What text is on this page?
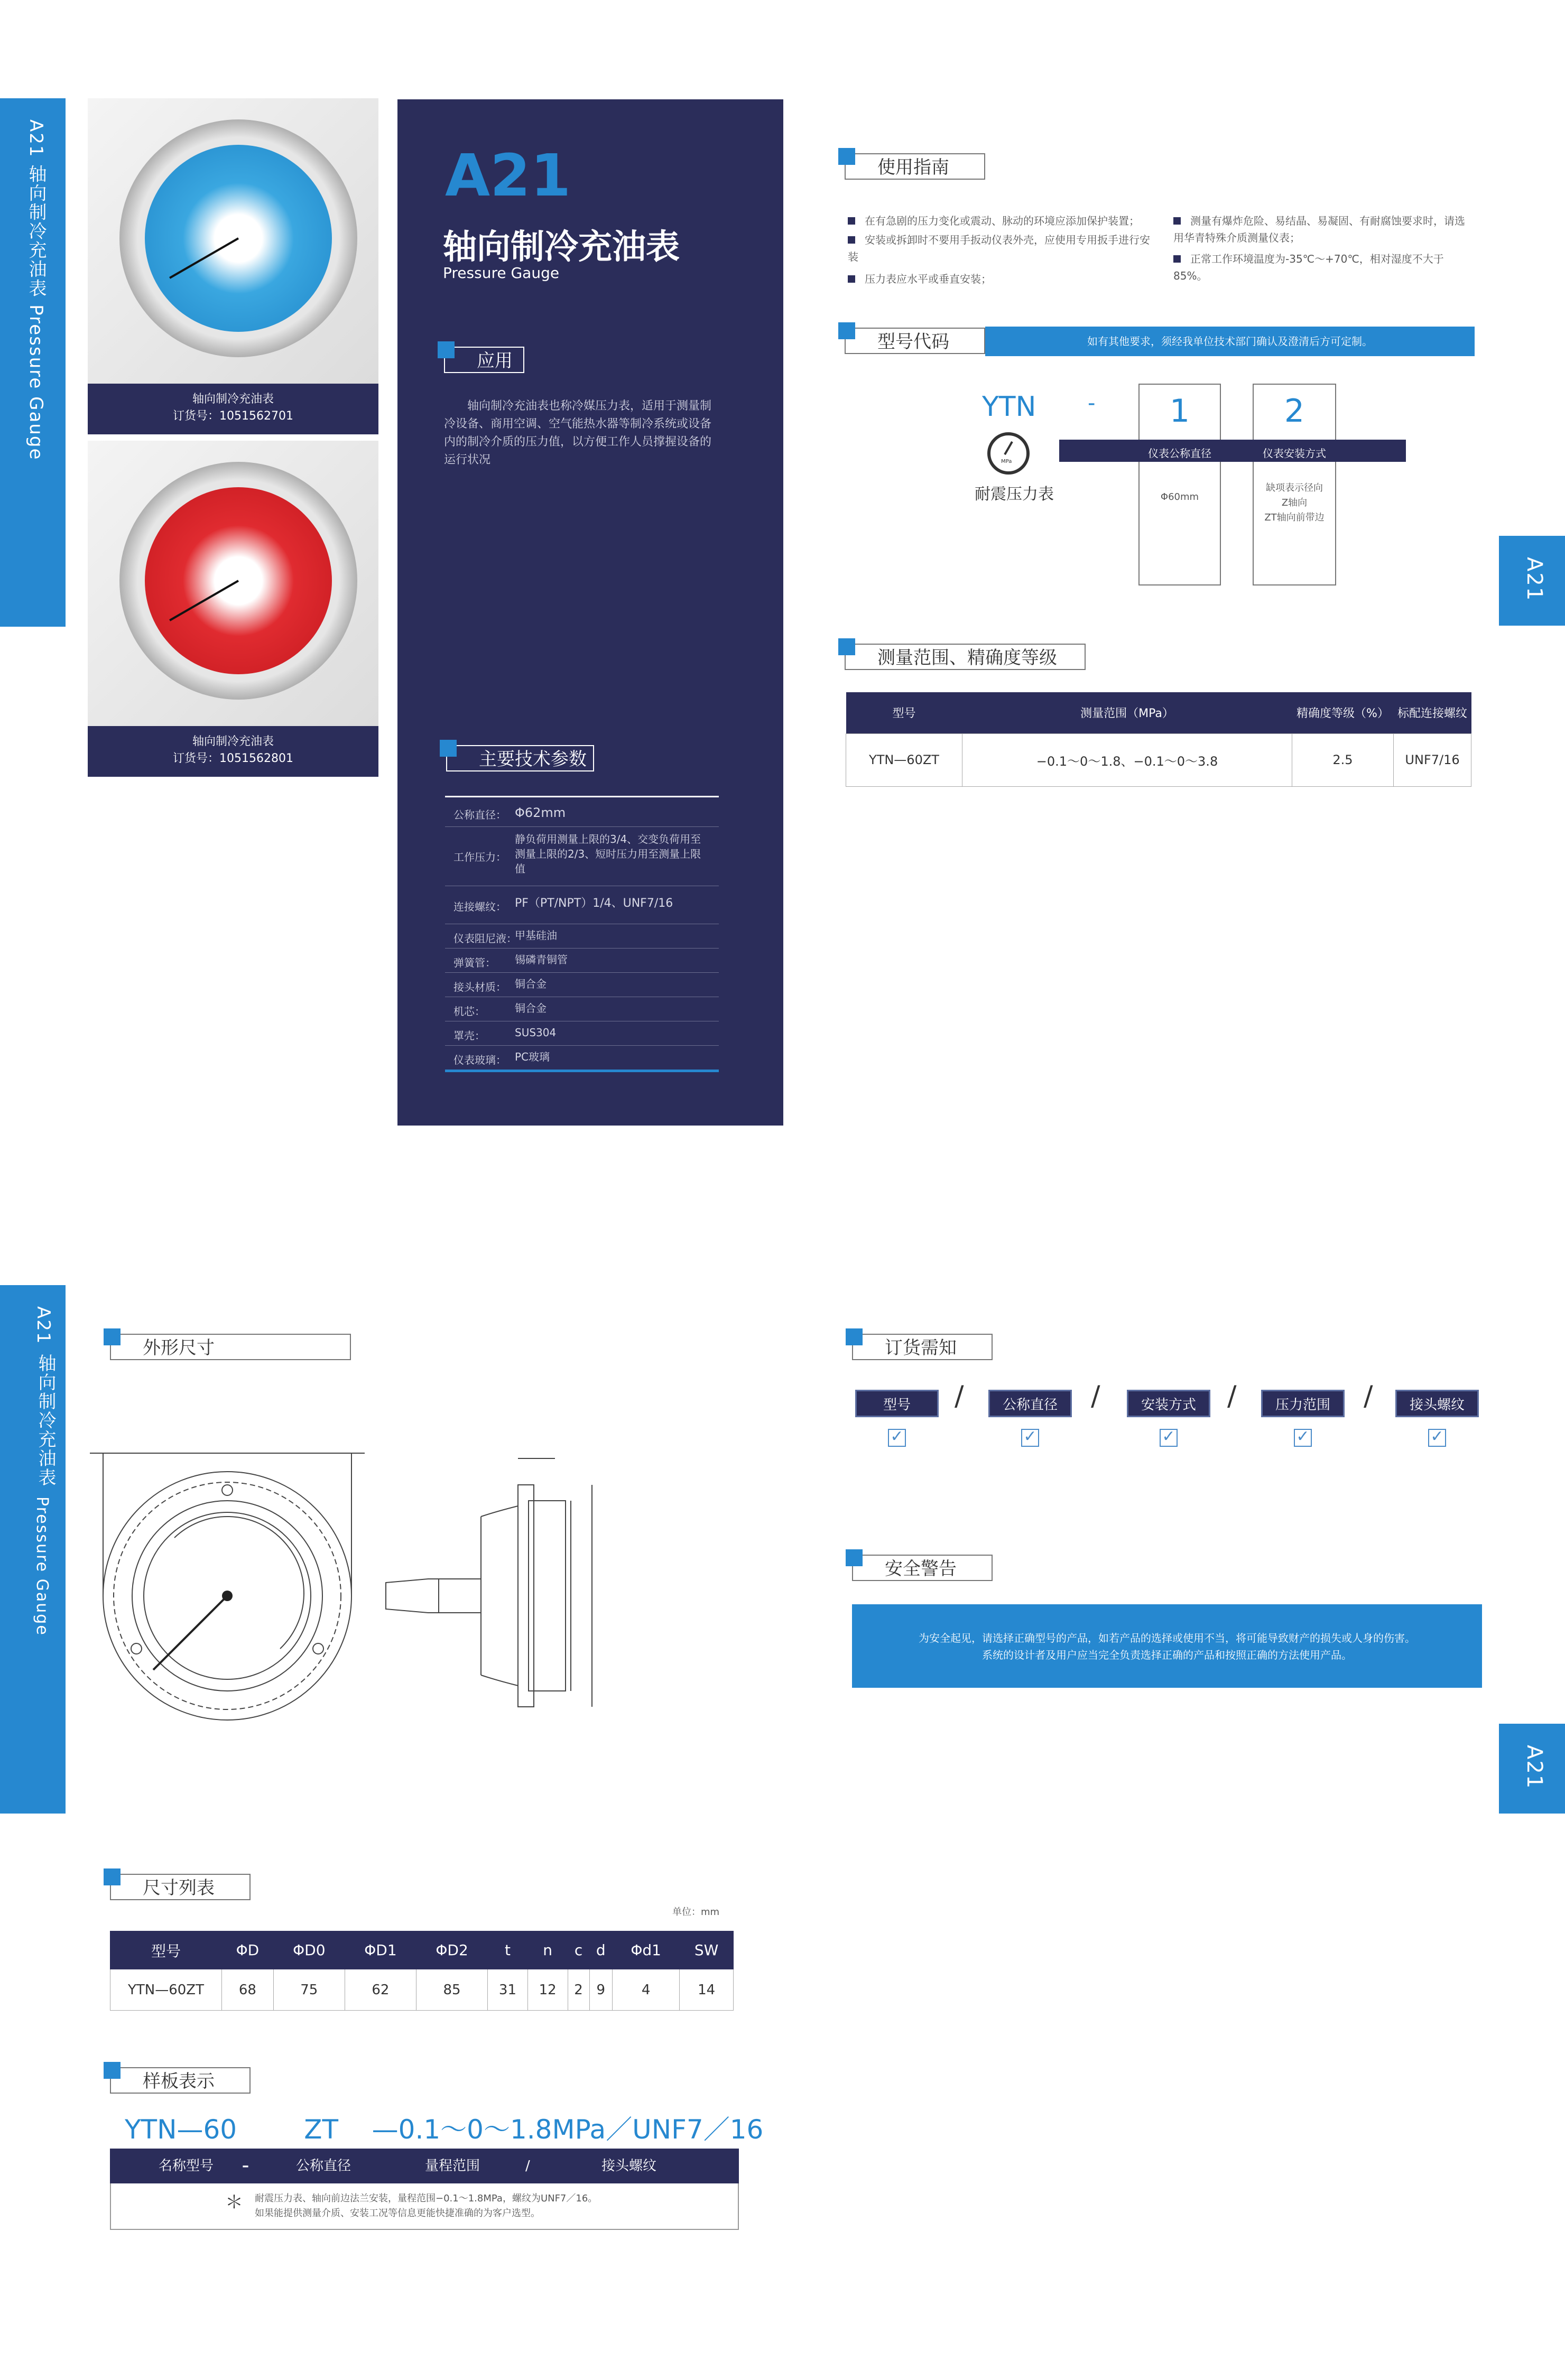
A21 轴向制冷充油表 Pressure Gauge
A21
轴向制冷充油表
Pressure Gauge
A21
A21
轴向制冷充油表
订货号：1051562701
轴向制冷充油表
订货号：1051562801
A21
轴向制冷充油表
Pressure Gauge
应用
轴向制冷充油表也称冷媒压力表，适用于测量制冷设备、商用空调、空气能热水器等制冷系统或设备内的制冷介质的压力值，以方便工作人员撑握设备的运行状况
主要技术参数
公称直径： Φ62mm
工作压力：
静负荷用测量上限的3/4、交变负荷用至测量上限的2/3、短时压力用至测量上限值
连接螺纹： PF（PT/NPT）1/4、UNF7/16
仪表阻尼液：
甲基硅油
弹簧管： 锡磷青铜管
接头材质： 铜合金
机芯：	铜合金
罩壳：	SUS304
仪表玻璃： PC玻璃
使用指南
在有急剧的压力变化或震动、脉动的环境应添加保护装置；
安装或拆卸时不要用手扳动仪表外壳，应使用专用扳手进行安装
压力表应水平或垂直安装；
测量有爆炸危险、易结晶、易凝固、有耐腐蚀要求时，请选用华青特殊介质测量仪表；
正常工作环境温度为-35℃～+70℃，相对湿度不大于85%。
型号代码	如有其他要求，须经我单位技术部门确认及澄清后方可定制。
YTN -	1	2
仪表公称直径	仪表安装方式
Φ60mm
缺项表示径向
Z轴向
ZT轴向前带边
MPa
耐震压力表
测量范围、精确度等级
型号	测量范围（MPa）	精确度等级（%）	标配连接螺纹
YTN—60ZT	−0.1～0～1.8、−0.1～0～3.8	2.5	UNF7/16
外形尺寸	订货需知
型号	/	公称直径	/	安装方式	/	压力范围	/	接头螺纹
✓	✓	✓	✓	✓
安全警告
为安全起见，请选择正确型号的产品，如若产品的选择或使用不当，将可能导致财产的损失或人身的伤害。
系统的设计者及用户应当完全负责选择正确的产品和按照正确的方法使用产品。
尺寸列表
单位：mm
型号	ΦD	ΦD0	ΦD1	ΦD2	t	n	c	d	Φd1	SW
YTN—60ZT	68	75	62	85	31	12	2	9	4	14
样板表示
YTN—60        ZT    —0.1～0～1.8MPa／UNF7／16
名称型号 –	公称直径	量程范围	/	接头螺纹
＊ 耐震压力表、轴向前边法兰安装，量程范围−0.1～1.8MPa，螺纹为UNF7／16。
如果能提供测量介质、安装工况等信息更能快捷准确的为客户选型。
